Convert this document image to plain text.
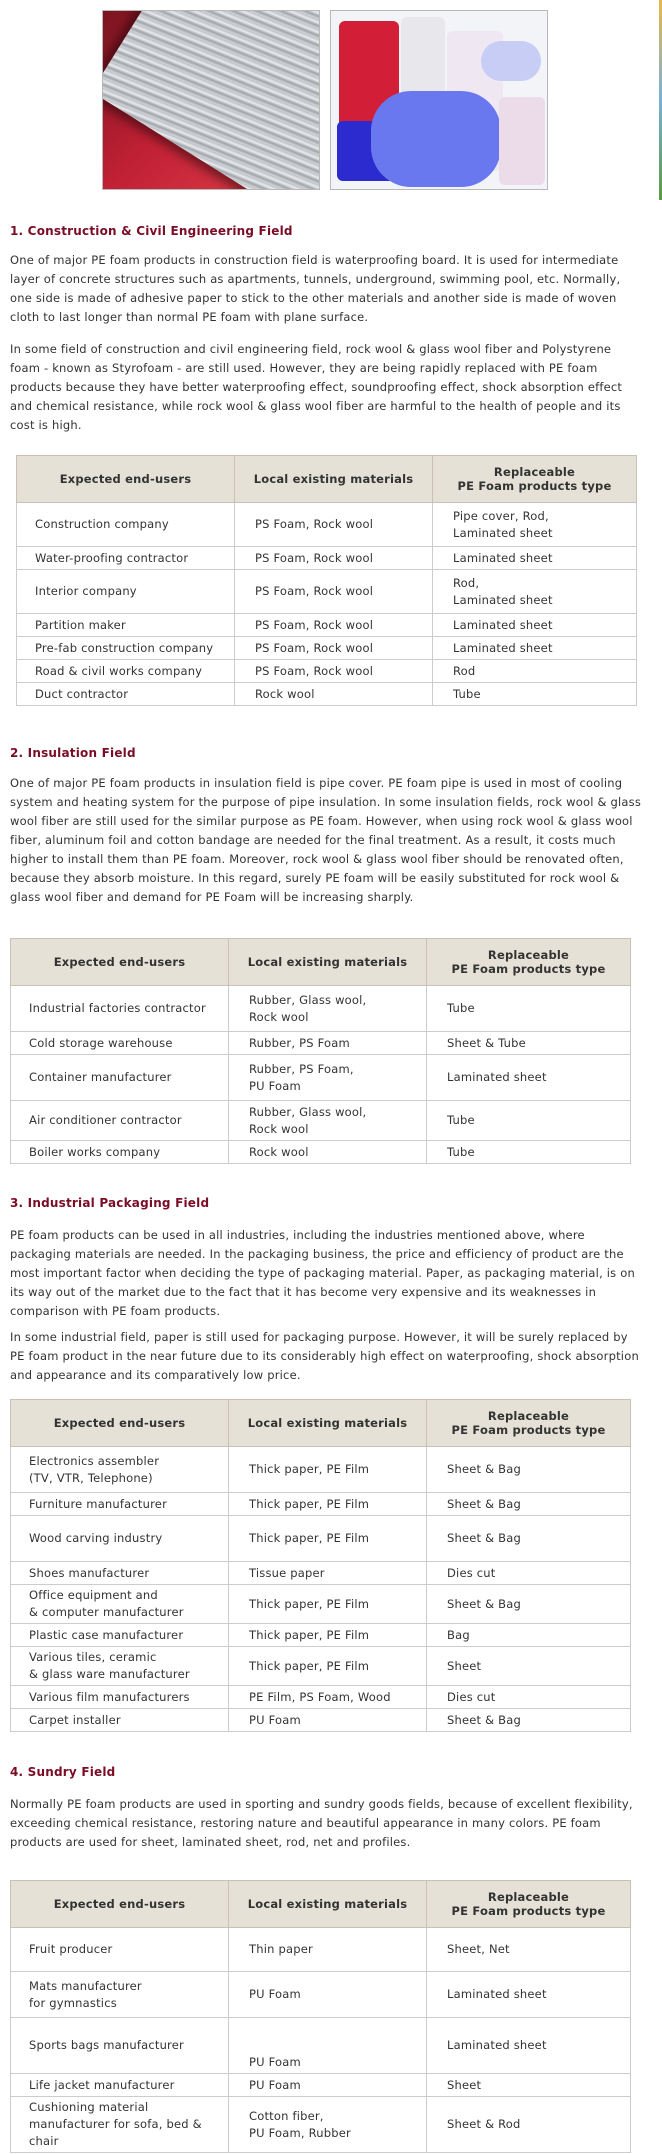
1. Construction & Civil Engineering Field

One of major PE foam products in construction field is waterproofing board. It is used for intermediate layer of concrete structures such as apartments, tunnels, underground, swimming pool, etc. Normally, one side is made of adhesive paper to stick to the other materials and another side is made of woven cloth to last longer than normal PE foam with plane surface.

In some field of construction and civil engineering field, rock wool & glass wool fiber and Polystyrene foam - known as Styrofoam - are still used. However, they are being rapidly replaced with PE foam products because they have better waterproofing effect, soundproofing effect, shock absorption effect and chemical resistance, while rock wool & glass wool fiber are harmful to the health of people and its cost is high.

Expected end-users	Local existing materials	Replaceable
PE Foam products type
Construction company	PS Foam, Rock wool	Pipe cover, Rod,
Laminated sheet
Water-proofing contractor	PS Foam, Rock wool	Laminated sheet
Interior company	PS Foam, Rock wool	Rod,
Laminated sheet
Partition maker	PS Foam, Rock wool	Laminated sheet
Pre-fab construction company	PS Foam, Rock wool	Laminated sheet
Road & civil works company	PS Foam, Rock wool	Rod
Duct contractor	Rock wool	Tube
2. Insulation Field

One of major PE foam products in insulation field is pipe cover. PE foam pipe is used in most of cooling system and heating system for the purpose of pipe insulation. In some insulation fields, rock wool & glass wool fiber are still used for the similar purpose as PE foam. However, when using rock wool & glass wool fiber, aluminum foil and cotton bandage are needed for the final treatment. As a result, it costs much higher to install them than PE foam. Moreover, rock wool & glass wool fiber should be renovated often, because they absorb moisture. In this regard, surely PE foam will be easily substituted for rock wool & glass wool fiber and demand for PE Foam will be increasing sharply.

Expected end-users	Local existing materials	Replaceable
PE Foam products type
Industrial factories contractor	Rubber, Glass wool,
Rock wool	Tube
Cold storage warehouse	Rubber, PS Foam	Sheet & Tube
Container manufacturer	Rubber, PS Foam,
PU Foam	Laminated sheet
Air conditioner contractor	Rubber, Glass wool,
Rock wool	Tube
Boiler works company	Rock wool	Tube
3. Industrial Packaging Field

PE foam products can be used in all industries, including the industries mentioned above, where packaging materials are needed. In the packaging business, the price and efficiency of product are the most important factor when deciding the type of packaging material. Paper, as packaging material, is on its way out of the market due to the fact that it has become very expensive and its weaknesses in comparison with PE foam products.

In some industrial field, paper is still used for packaging purpose. However, it will be surely replaced by PE foam product in the near future due to its considerably high effect on waterproofing, shock absorption and appearance and its comparatively low price.

Expected end-users	Local existing materials	Replaceable
PE Foam products type
Electronics assembler
(TV, VTR, Telephone)	Thick paper, PE Film	Sheet & Bag
Furniture manufacturer	Thick paper, PE Film	Sheet & Bag
Wood carving industry	Thick paper, PE Film	Sheet & Bag
Shoes manufacturer	Tissue paper	Dies cut
Office equipment and
& computer manufacturer	Thick paper, PE Film	Sheet & Bag
Plastic case manufacturer	Thick paper, PE Film	Bag
Various tiles, ceramic
& glass ware manufacturer	Thick paper, PE Film	Sheet
Various film manufacturers	PE Film, PS Foam, Wood	Dies cut
Carpet installer	PU Foam	Sheet & Bag
4. Sundry Field

Normally PE foam products are used in sporting and sundry goods fields, because of excellent flexibility, exceeding chemical resistance, restoring nature and beautiful appearance in many colors. PE foam products are used for sheet, laminated sheet, rod, net and profiles.

Expected end-users	Local existing materials	Replaceable
PE Foam products type
Fruit producer	Thin paper	Sheet, Net
Mats manufacturer
for gymnastics	PU Foam	Laminated sheet
Sports bags manufacturer	

PU Foam	Laminated sheet
Life jacket manufacturer	PU Foam	Sheet
Cushioning material
manufacturer for sofa, bed &
chair	Cotton fiber,
PU Foam, Rubber	Sheet & Rod
